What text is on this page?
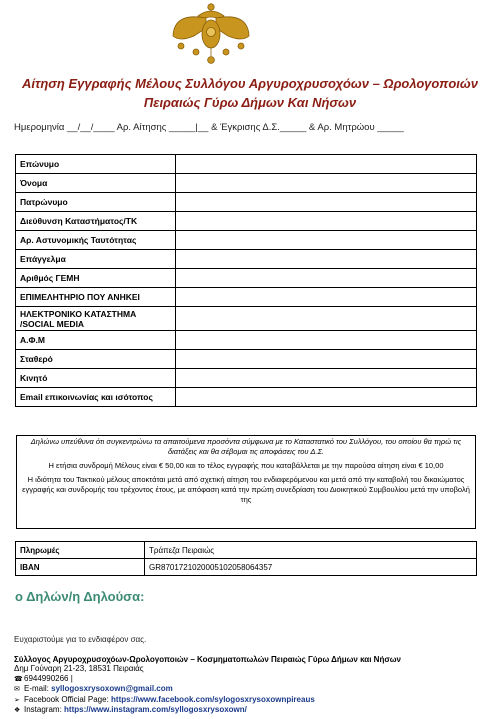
Αίτηση Εγγραφής Μέλους Συλλόγου Αργυροχρυσοχόων – Ωρολογοποιών
Πειραιώς Γύρω Δήμων Και Νήσων
Ημερομηνία __/__/____ Αρ. Αίτησης _____|__ & Έγκρισης Δ.Σ._____ & Αρ. Μητρώου _____
Επώνυμο	
Όνομα	
Πατρώνυμο	
Διεύθυνση Καταστήματος/ΤΚ	
Αρ. Αστυνομικής Ταυτότητας	
Επάγγελμα	
Αριθμός ΓΕΜΗ	
ΕΠΙΜΕΛΗΤΗΡΙΟ ΠΟΥ ΑΝΗΚΕΙ	
ΗΛΕΚΤΡΟΝΙΚΟ ΚΑΤΑΣΤΗΜΑ /SOCIAL MEDIA	
Α.Φ.Μ	
Σταθερό	
Κινητό	
Email επικοινωνίας και ισότοπος	

Δηλώνω υπεύθυνα ότι συγκεντρώνω τα απαιτούμενα προσόντα σύμφωνα με το Καταστατικό του Συλλόγου, του οποίου θα τηρώ τις διατάξεις και θα σέβομαι τις αποφάσεις του Δ.Σ.

Η ετήσια συνδρομή Μέλους είναι € 50,00 και το τέλος εγγραφής που καταβάλλεται με την παρούσα αίτηση είναι € 10,00

Η ιδιότητα του Τακτικού μέλους αποκτάται μετά από σχετική αίτηση του ενδιαφερόμενου και μετά από την καταβολή του δικαιώματος εγγραφής και συνδρομής του τρέχοντος έτους, με απόφαση κατά την πρώτη συνεδρίαση του Διοικητικού Συμβουλίου μετά την υποβολή της

Πληρωμές	Τράπεζα Πειραιώς
IBAN	GR8701721020005102058064357
ο Δηλών/η Δηλούσα:
Ευχαριστούμε για το ενδιαφέρον σας.
Σύλλογος Αργυροχρυσοχόων-Ωρολογοποιών – Κοσμηματοπωλών Πειραιώς Γύρω Δήμων και Νήσων
Δημ Γούναρη 21-23, 18531 Πειραιάς
☎6944990266 |
✉ E-mail: syllogosxrysoxown@gmail.com
➢ Facebook Official Page: https://www.facebook.com/sylogosxrysoxownpireaus
❖ Instagram: https://www.instagram.com/syllogosxrysoxown/
